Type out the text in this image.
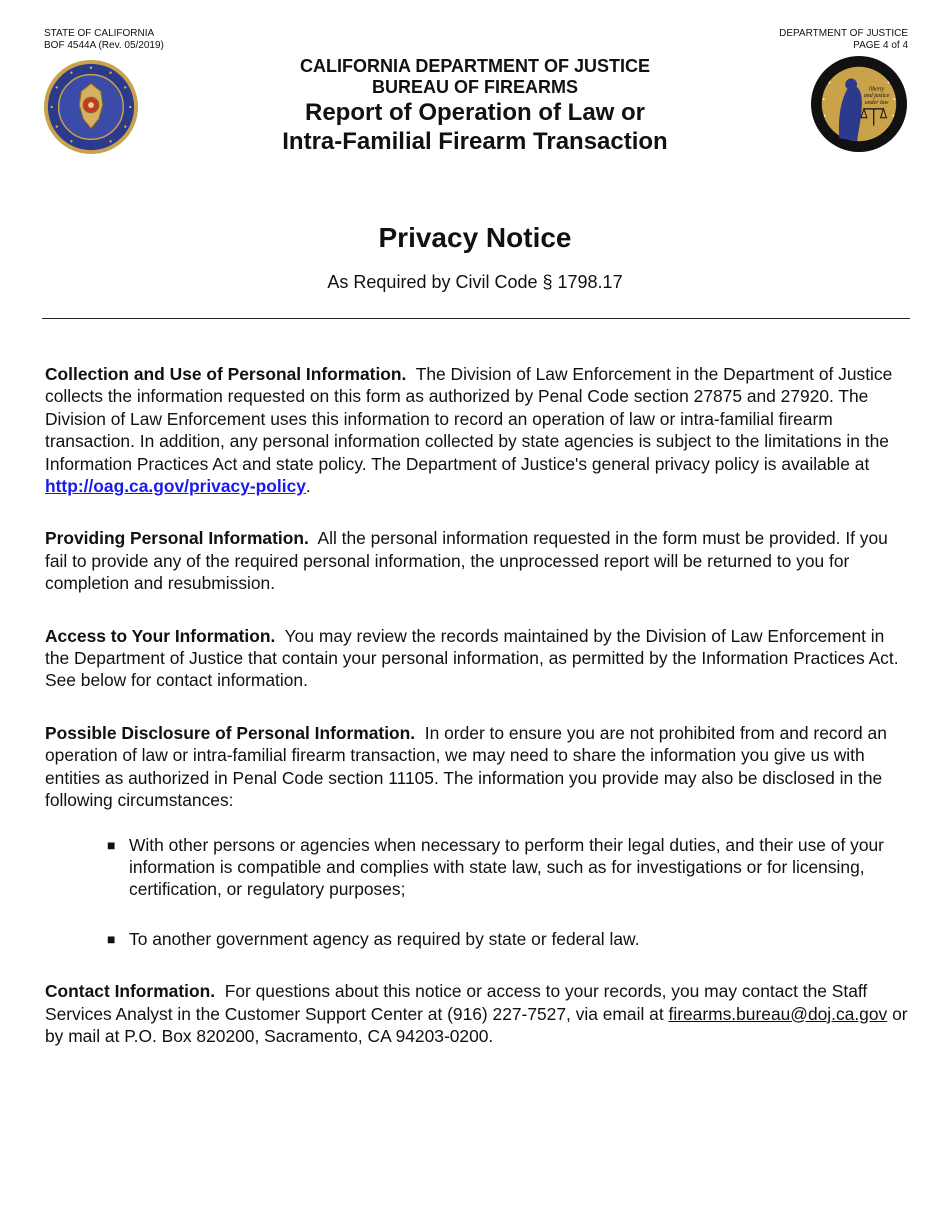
STATE OF CALIFORNIA
BOF 4544A (Rev. 05/2019)
DEPARTMENT OF JUSTICE
PAGE 4 of 4
liberty
and justice
under law
CALIFORNIA DEPARTMENT OF JUSTICE
BUREAU OF FIREARMS
Report of Operation of Law or
Intra-Familial Firearm Transaction
Privacy Notice
As Required by Civil Code § 1798.17

Collection and Use of Personal Information. The Division of Law Enforcement in the Department of Justice collects the information requested on this form as authorized by Penal Code section 27875 and 27920. The Division of Law Enforcement uses this information to record an operation of law or intra-familial firearm transaction. In addition, any personal information collected by state agencies is subject to the limitations in the Information Practices Act and state policy. The Department of Justice's general privacy policy is available at http://oag.ca.gov/privacy-policy.

Providing Personal Information. All the personal information requested in the form must be provided. If you fail to provide any of the required personal information, the unprocessed report will be returned to you for completion and resubmission.

Access to Your Information. You may review the records maintained by the Division of Law Enforcement in the Department of Justice that contain your personal information, as permitted by the Information Practices Act. See below for contact information.

Possible Disclosure of Personal Information. In order to ensure you are not prohibited from and record an operation of law or intra-familial firearm transaction, we may need to share the information you give us with entities as authorized in Penal Code section 11105. The information you provide may also be disclosed in the following circumstances:

■ With other persons or agencies when necessary to perform their legal duties, and their use of your information is compatible and complies with state law, such as for investigations or for licensing, certification, or regulatory purposes;
■ To another government agency as required by state or federal law.

Contact Information. For questions about this notice or access to your records, you may contact the Staff Services Analyst in the Customer Support Center at (916) 227-7527, via email at firearms.bureau@doj.ca.gov or by mail at P.O. Box 820200, Sacramento, CA 94203-0200.
